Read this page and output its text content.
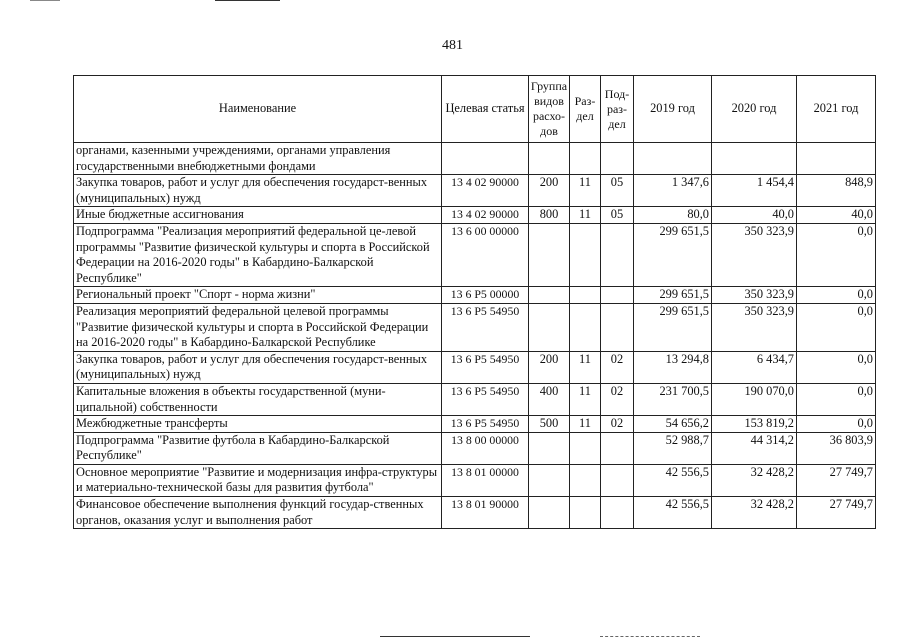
481
Наименование	Целевая статья	Группа видов расхо-дов	Раз-дел	Под-раз-дел	2019 год	2020 год	2021 год
органами, казенными учреждениями, органами управления государственными внебюджетными фондами							
Закупка товаров, работ и услуг для обеспечения государст-венных (муниципальных) нужд	13 4 02 90000	200	11	05	1 347,6	1 454,4	848,9
Иные бюджетные ассигнования	13 4 02 90000	800	11	05	80,0	40,0	40,0
Подпрограмма "Реализация мероприятий федеральной це-левой программы "Развитие физической культуры и спорта в Российской Федерации на 2016-2020 годы" в Кабардино-Балкарской Республике"	13 6 00 00000				299 651,5	350 323,9	0,0
Региональный проект "Спорт - норма жизни"	13 6 P5 00000				299 651,5	350 323,9	0,0
Реализация мероприятий федеральной целевой программы "Развитие физической культуры и спорта в Российской Федерации на 2016-2020 годы" в Кабардино-Балкарской Республике	13 6 P5 54950				299 651,5	350 323,9	0,0
Закупка товаров, работ и услуг для обеспечения государст-венных (муниципальных) нужд	13 6 P5 54950	200	11	02	13 294,8	6 434,7	0,0
Капитальные вложения в объекты государственной (муни-ципальной) собственности	13 6 P5 54950	400	11	02	231 700,5	190 070,0	0,0
Межбюджетные трансферты	13 6 P5 54950	500	11	02	54 656,2	153 819,2	0,0
Подпрограмма "Развитие футбола в Кабардино-Балкарской Республике"	13 8 00 00000				52 988,7	44 314,2	36 803,9
Основное мероприятие "Развитие и модернизация инфра-структуры и материально-технической базы для развития футбола"	13 8 01 00000				42 556,5	32 428,2	27 749,7
Финансовое обеспечение выполнения функций государ-ственных органов, оказания услуг и выполнения работ	13 8 01 90000				42 556,5	32 428,2	27 749,7
